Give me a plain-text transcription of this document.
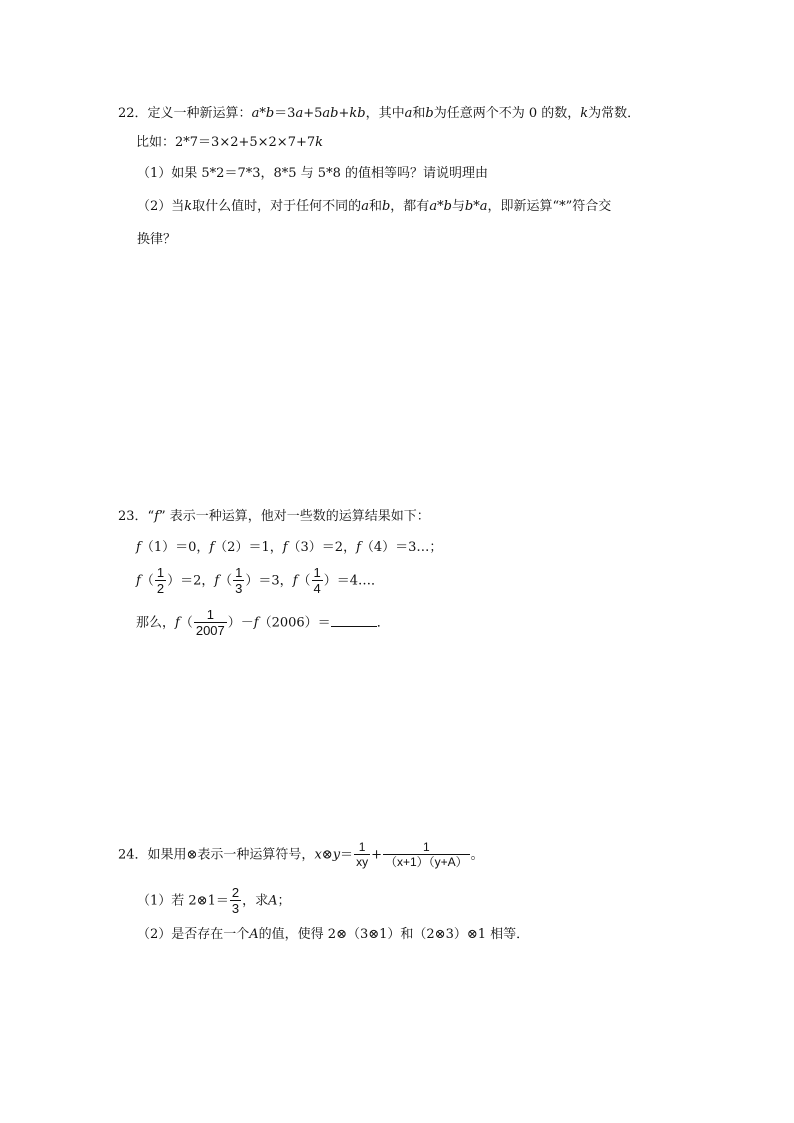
22．定义一种新运算：a*b＝3a+5ab+kb，其中a和b为任意两个不为 0 的数，k为常数．
比如：2*7＝3×2+5×2×7+7k
（1）如果 5*2＝7*3，8*5 与 5*8 的值相等吗？请说明理由
（2）当k取什么值时，对于任何不同的a和b，都有a*b与b*a，即新运算“*”符合交
换律？
23．“f” 表示一种运算，他对一些数的运算结果如下：
f（1）＝0，f（2）＝1，f（3）＝2，f（4）＝3…；
$f( \frac{1}{2} )=2$，$f( \frac{1}{3} )=3$，$f( \frac{1}{4}$ ）＝4…．
那么，$f( \frac{1}{2007} )-f(2006)=$	．
24．如果用⊗表示一种运算符号，x⊗y＝ $\frac{1}{xy} + \frac{1}{(x+1)(y+A)}$ 。
（1）若 2⊗1＝ $\frac{2}{3}$ ，求A；
（2）是否存在一个A的值，使得 2⊗（3⊗1）和（2⊗3）⊗1 相等．
